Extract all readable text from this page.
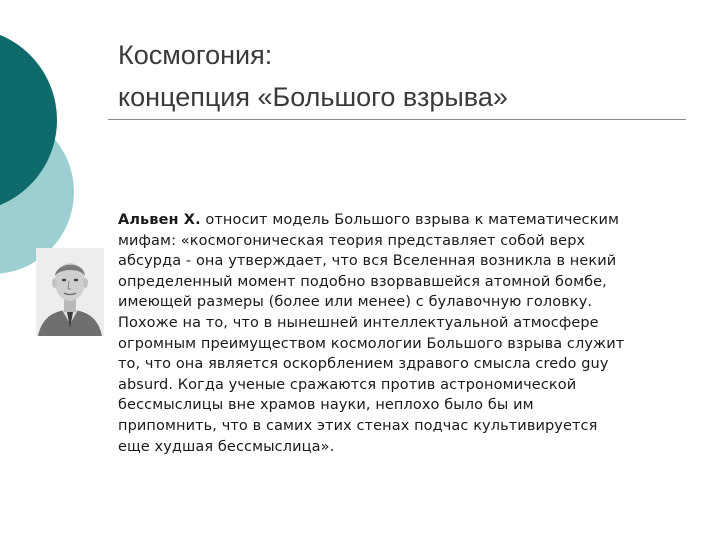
Космогония:
концепция «Большого взрыва»
Альвен Х. относит модель Большого взрыва к математическим
мифам: «космогоническая теория представляет собой верх
абсурда - она утверждает, что вся Вселенная возникла в некий
определенный момент подобно взорвавшейся атомной бомбе,
имеющей размеры (более или менее) с булавочную головку.
Похоже на то, что в нынешней интеллектуальной атмосфере
огромным преимуществом космологии Большого взрыва служит
то, что она является оскорблением здравого смысла credo guy
absurd. Когда ученые сражаются против астрономической
бессмыслицы вне храмов науки, неплохо было бы им
припомнить, что в самих этих стенах подчас культивируется
еще худшая бессмыслица».
